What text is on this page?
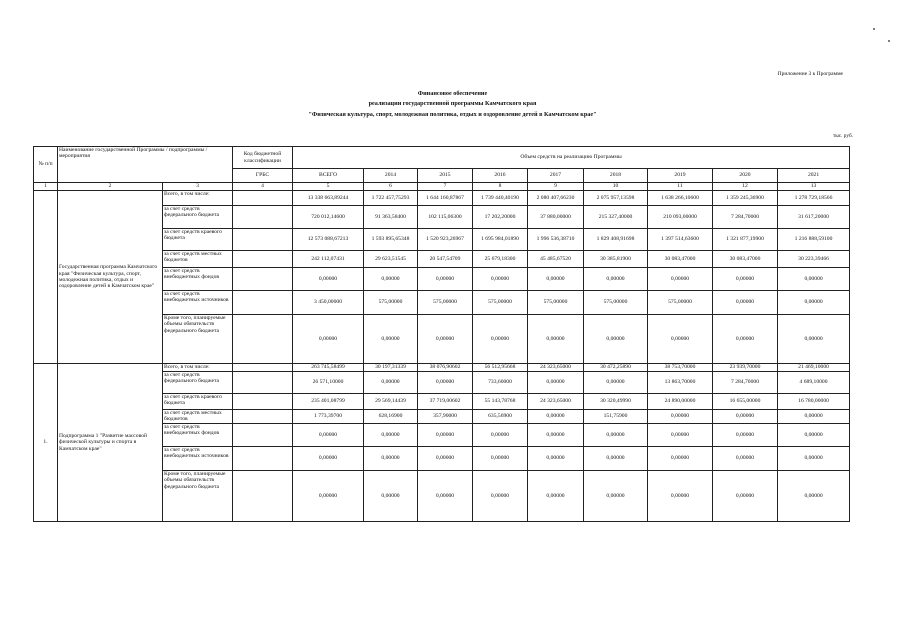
Приложение 3 к Программе
Финансовое обеспечение
реализации государственной программы Камчатского края
"Физическая культура, спорт, молодежная политика, отдых и оздоровление детей в Камчатском крае"
тыс. руб.
№ п/п	Наименование государственной Программы / подпрограммы / мероприятия		Код бюджетной классификации	Объем средств на реализацию Программы								
			ГРБС	ВСЕГО	2014	2015	2016	2017	2018	2019	2020	2021
1	2	3	4	5	6	7	8	9	10	11	12	13
	Государственная программа Камчатского края "Физическая культура, спорт, молодежная политика, отдых и оздоровление детей в Камчатском крае"	Всего, в том числе:		13 338 663,89244	1 722 457,75293	1 644 160,87867	1 739 440,40190	2 080 407,66230	2 075 957,13598	1 638 266,10600	1 359 245,36900	1 278 729,18566
		за счет средств федерального бюджета		720 012,14600	91 363,58400	102 115,06300	17 202,20000	37 880,00000	215 327,40000	210 093,00000	7 284,70000	31 617,20000
		за счет средств краевого бюджета		12 573 088,67213	1 593 895,65348	1 520 923,26967	1 695 984,01890	1 996 536,38710	1 829 408,91698	1 397 514,63600	1 321 877,19900	1 216 888,59100
		за счет средств местных бюджетов		242 112,07431	29 623,51545	20 547,54709	25 679,18300	45 485,67520	30 385,81900	30 083,47000	30 083,47000	30 223,39466
		за счет средств внебюджетных фондов		0,00000	0,00000	0,00000	0,00000	0,00000	0,00000	0,00000	0,00000	0,00000
		за счет средств внебюджетных источников		3 450,00000	575,00000	575,00000	575,00000	575,00000	575,00000	575,00000	0,00000	0,00000
		Кроме того, планируемые объемы обязательств федерального бюджета		0,00000	0,00000	0,00000	0,00000	0,00000	0,00000	0,00000	0,00000	0,00000
1.	Подпрограмма 1 "Развитие массовой физической культуры и спорта в Камчатском крае"	Всего, в том числе:		263 745,58499	30 197,31339	38 076,90602	56 512,95668	24 323,65000	30 472,25890	38 753,70000	23 939,70000	21 469,10000
		за счет средств федерального бюджета		26 571,10000	0,00000	0,00000	733,60000	0,00000	0,00000	13 863,70000	7 284,70000	4 689,10000
		за счет средств краевого бюджета		235 401,08799	29 569,14439	37 719,00602	55 143,78768	24 323,65000	30 320,49990	24 890,00000	16 655,00000	16 780,00000
		за счет средств местных бюджетов		1 773,39700	628,16900	357,90000	635,56900	0,00000	151,75900	0,00000	0,00000	0,00000
		за счет средств внебюджетных фондов		0,00000	0,00000	0,00000	0,00000	0,00000	0,00000	0,00000	0,00000	0,00000
		за счет средств внебюджетных источников		0,00000	0,00000	0,00000	0,00000	0,00000	0,00000	0,00000	0,00000	0,00000
		Кроме того, планируемые объемы обязательств федерального бюджета		0,00000	0,00000	0,00000	0,00000	0,00000	0,00000	0,00000	0,00000	0,00000
